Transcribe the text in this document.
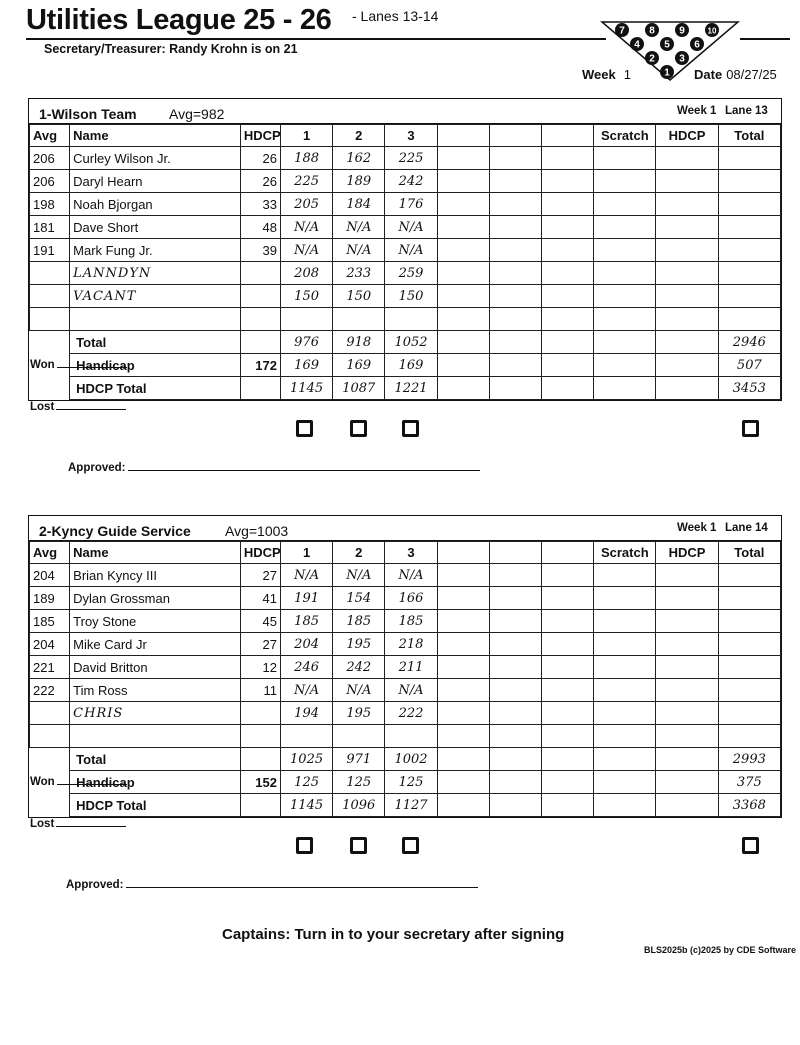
Utilities League 25 - 26 - Lanes 13-14
Secretary/Treasurer: Randy Krohn is on 21
7 8 9	10
4 5 6
2 3
1
Week 1	Date 08/27/25
1-Wilson Team Avg=982	Week 1 Lane 13
Avg	Name	HDCP	1	2	3				Scratch	HDCP	Total
206	Curley Wilson Jr.	26	188	162	225						
206	Daryl Hearn	26	225	189	242						
198	Noah Bjorgan	33	205	184	176						
181	Dave Short	48	N/A	N/A	N/A						
191	Mark Fung Jr.	39	N/A	N/A	N/A						
	LANNDYN		208	233	259						
	VACANT		150	150	150						

	Total		976	918	1052						2946
	Handicap	172	169	169	169						507
	HDCP Total		1145	1087	1221						3453
Won
Lost
Approved:
2-Kyncy Guide Service Avg=1003	Week 1 Lane 14
Avg	Name	HDCP	1	2	3				Scratch	HDCP	Total
204	Brian Kyncy III	27	N/A	N/A	N/A						
189	Dylan Grossman	41	191	154	166						
185	Troy Stone	45	185	185	185						
204	Mike Card Jr	27	204	195	218						
221	David Britton	12	246	242	211						
222	Tim Ross	11	N/A	N/A	N/A						
	CHRIS		194	195	222						

	Total		1025	971	1002						2993
	Handicap	152	125	125	125						375
	HDCP Total		1145	1096	1127						3368
Won
Lost
Approved:
Captains: Turn in to your secretary after signing
BLS2025b (c)2025 by CDE Software
